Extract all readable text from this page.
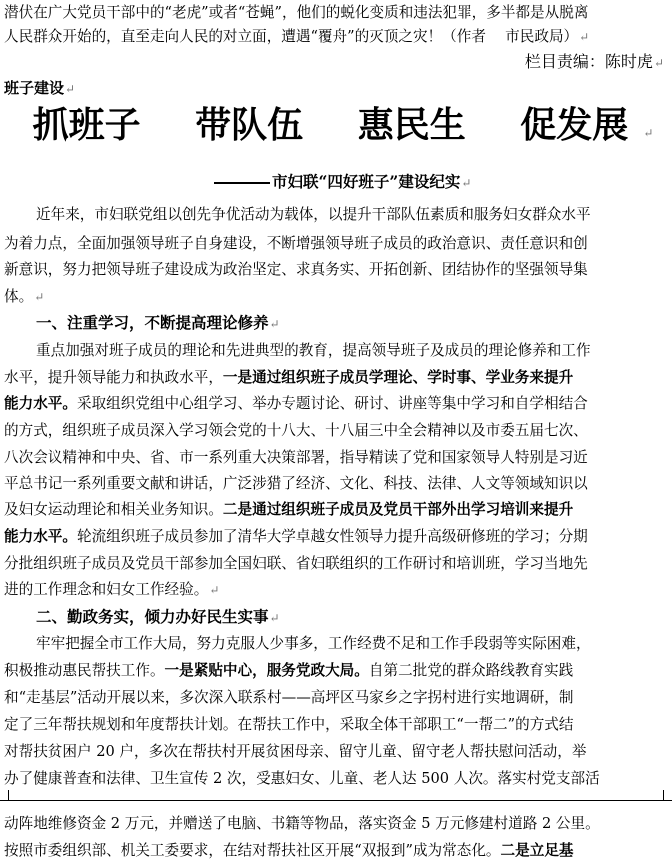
潜伏在广大党员干部中的“老虎”或者“苍蝇”，他们的蜕化变质和违法犯罪，多半都是从脱离
人民群众开始的，直至走向人民的对立面，遭遇“覆舟”的灭顶之灾！（作者　 市民政局）↵
栏目责编：陈时虎↵
班子建设↵
抓班子 带队伍 惠民生 促发展 ↵
市妇联“四好班子”建设纪实↵
近年来，市妇联党组以创先争优活动为载体，以提升干部队伍素质和服务妇女群众水平
为着力点，全面加强领导班子自身建设，不断增强领导班子成员的政治意识、责任意识和创
新意识，努力把领导班子建设成为政治坚定、求真务实、开拓创新、团结协作的坚强领导集
体。↵
一、注重学习，不断提高理论修养↵
重点加强对班子成员的理论和先进典型的教育，提高领导班子及成员的理论修养和工作
水平，提升领导能力和执政水平，一是通过组织班子成员学理论、学时事、学业务来提升
能力水平。采取组织党组中心组学习、举办专题讨论、研讨、讲座等集中学习和自学相结合
的方式，组织班子成员深入学习领会党的十八大、十八届三中全会精神以及市委五届七次、
八次会议精神和中央、省、市一系列重大决策部署，指导精读了党和国家领导人特别是习近
平总书记一系列重要文献和讲话，广泛涉猎了经济、文化、科技、法律、人文等领域知识以
及妇女运动理论和相关业务知识。二是通过组织班子成员及党员干部外出学习培训来提升
能力水平。轮流组织班子成员参加了清华大学卓越女性领导力提升高级研修班的学习；分期
分批组织班子成员及党员干部参加全国妇联、省妇联组织的工作研讨和培训班，学习当地先
进的工作理念和妇女工作经验。↵
二、勤政务实，倾力办好民生实事↵
牢牢把握全市工作大局，努力克服人少事多，工作经费不足和工作手段弱等实际困难，
积极推动惠民帮扶工作。一是紧贴中心，服务党政大局。自第二批党的群众路线教育实践
和“走基层”活动开展以来，多次深入联系村——高坪区马家乡之字拐村进行实地调研，制
定了三年帮扶规划和年度帮扶计划。在帮扶工作中，采取全体干部职工“一帮二”的方式结
对帮扶贫困户 20 户，多次在帮扶村开展贫困母亲、留守儿童、留守老人帮扶慰问活动，举
办了健康普查和法律、卫生宣传 2 次，受惠妇女、儿童、老人达 500 人次。落实村党支部活
动阵地维修资金 2 万元，并赠送了电脑、书籍等物品，落实资金 5 万元修建村道路 2 公里。
按照市委组织部、机关工委要求，在结对帮扶社区开展“双报到”成为常态化。二是立足基
